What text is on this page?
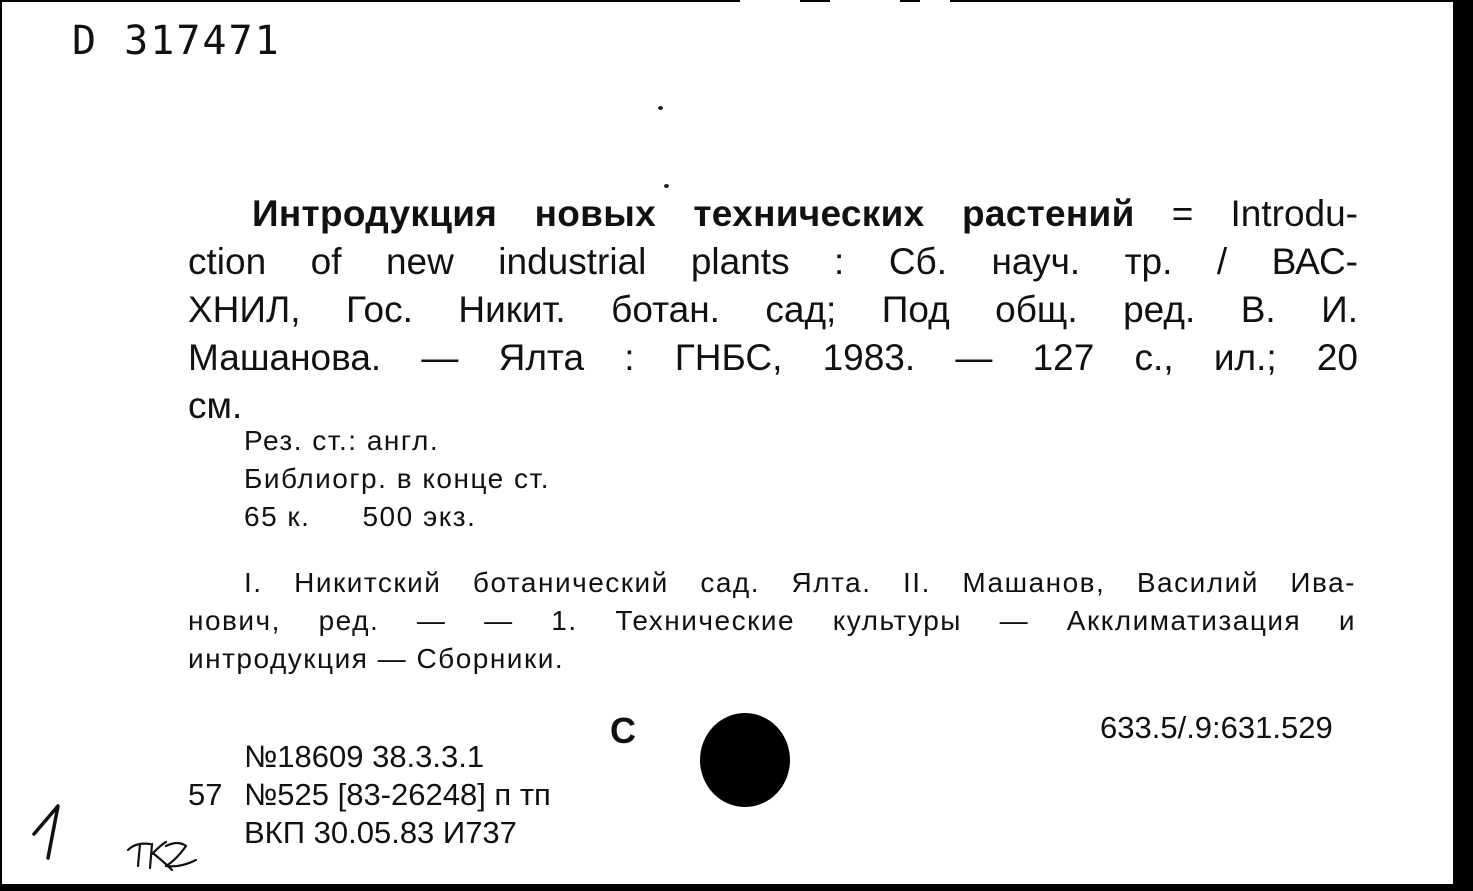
D 317471
Интродукция новых технических растений = Introdu-
ction of new industrial plants : Сб. науч. тр. / ВАС-
ХНИЛ, Гос. Никит. ботан. сад; Под общ. ред. В. И.
Машанова. — Ялта : ГНБС, 1983. — 127 с., ил.; 20
см.
Рез. ст.: англ.
Библиогр. в конце ст.
65 к. 500 экз.
I. Никитский ботанический сад. Ялта. II. Машанов, Василий Ива-
нович, ред. — — 1. Технические культуры — Акклиматизация и
интродукция — Сборники.
С	633.5/.9:631.529
№18609 38.3.3.1
57 №525 [83-26248] п тп
ВКП 30.05.83 И737
